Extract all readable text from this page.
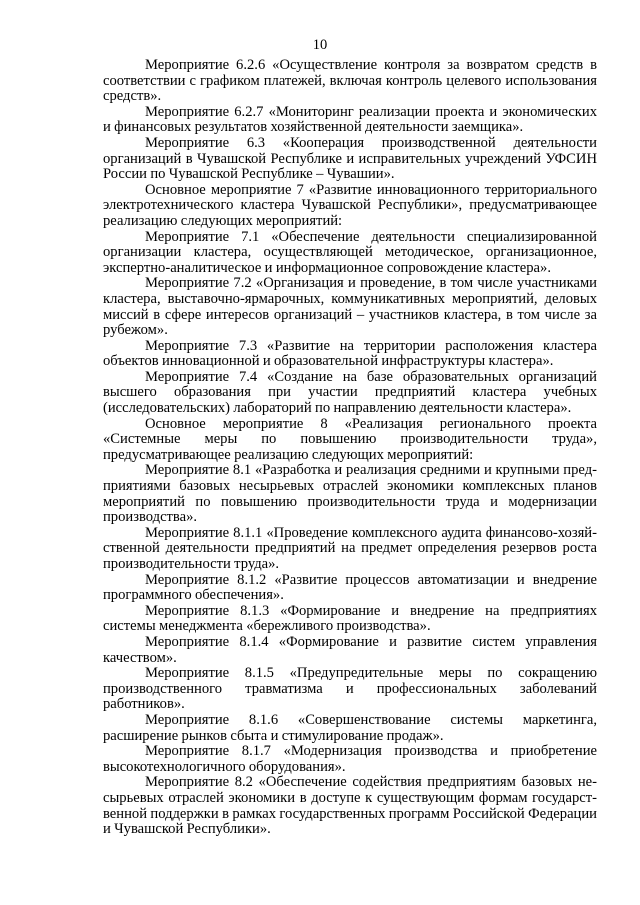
10

Мероприятие 6.2.6 «Осуществление контроля за возвратом средств в соответствии с графиком платежей, включая контроль целевого использования средств».

Мероприятие 6.2.7 «Мониторинг реализации проекта и экономических и финансовых результатов хозяйственной деятельности заемщика».

Мероприятие 6.3 «Кооперация производственной деятельности организаций в Чувашской Республике и исправительных учреждений УФСИН России по Чувашской Республике – Чувашии».

Основное мероприятие 7 «Развитие инновационного территориального электротехнического кластера Чувашской Республики», предусматривающее реализацию следующих мероприятий:

Мероприятие 7.1 «Обеспечение деятельности специализированной организации кластера, осуществляющей методическое, организационное, экспертно-аналитическое и информационное сопровождение кластера».

Мероприятие 7.2 «Организация и проведение, в том числе участниками кластера, выставочно-ярмарочных, коммуникативных мероприятий, деловых миссий в сфере интересов организаций – участников кластера, в том числе за рубежом».

Мероприятие 7.3 «Развитие на территории расположения кластера объектов инновационной и образовательной инфраструктуры кластера».

Мероприятие 7.4 «Создание на базе образовательных организаций высшего образования при участии предприятий кластера учебных (исследовательских) лабораторий по направлению деятельности кластера».

Основное мероприятие 8 «Реализация регионального проекта «Системные меры по повышению производительности труда», предусматривающее реализацию следующих мероприятий:

Мероприятие 8.1 «Разработка и реализация средними и крупными предприятиями базовых несырьевых отраслей экономики комплексных планов мероприятий по повышению производительности труда и модернизации производства».

Мероприятие 8.1.1 «Проведение комплексного аудита финансово-хозяйственной деятельности предприятий на предмет определения резервов роста производительности труда».

Мероприятие 8.1.2 «Развитие процессов автоматизации и внедрение программного обеспечения».

Мероприятие 8.1.3 «Формирование и внедрение на предприятиях системы менеджмента «бережливого производства».

Мероприятие 8.1.4 «Формирование и развитие систем управления качеством».

Мероприятие 8.1.5 «Предупредительные меры по сокращению производственного травматизма и профессиональных заболеваний работников».

Мероприятие 8.1.6 «Совершенствование системы маркетинга, расширение рынков сбыта и стимулирование продаж».

Мероприятие 8.1.7 «Модернизация производства и приобретение высокотехнологичного оборудования».

Мероприятие 8.2 «Обеспечение содействия предприятиям базовых несырьевых отраслей экономики в доступе к существующим формам государственной поддержки в рамках государственных программ Российской Федерации и Чувашской Республики».
